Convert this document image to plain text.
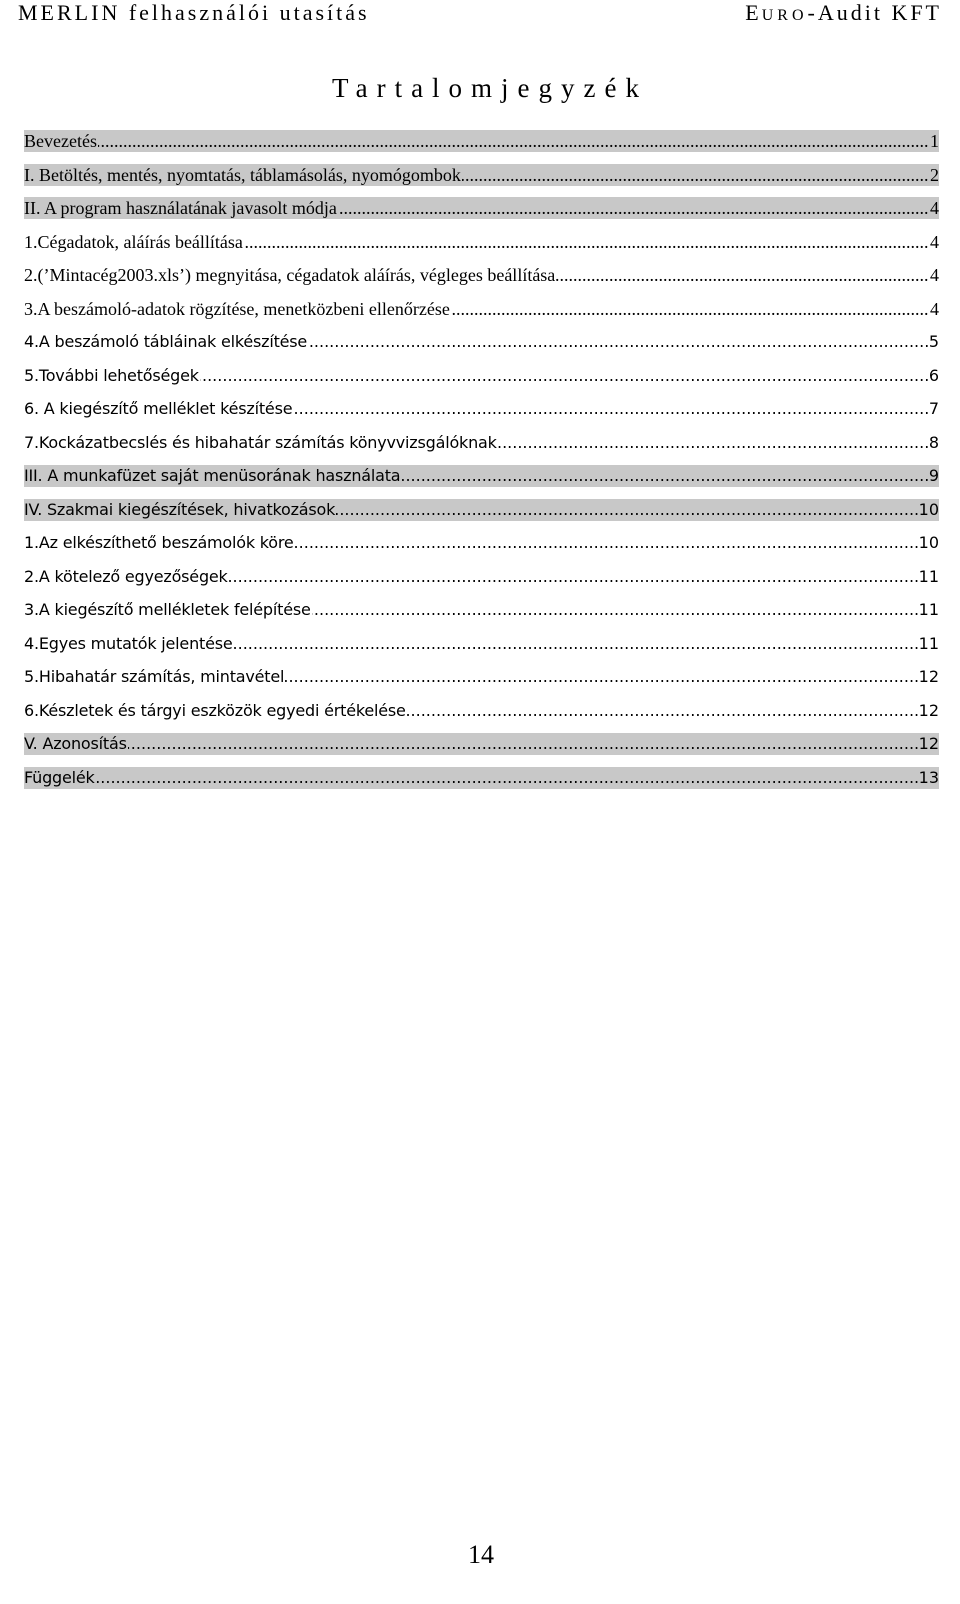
MERLIN felhasználói utasítás	EURO-Audit KFT
Tartalomjegyzék
.....
Bevezetés	1
.....
I. Betöltés, mentés, nyomtatás, táblamásolás, nyomógombok	2
.....
II. A program használatának javasolt módja	4
.....
1.Cégadatok, aláírás beállítása	4
.....
2.(’Mintacég2003.xls’) megnyitása, cégadatok aláírás, végleges beállítása	4
.....
3.A beszámoló-adatok rögzítése, menetközbeni ellenőrzése	4
.....
4.A beszámoló tábláinak elkészítése	5
.....
5.További lehetőségek	6
.....
6. A kiegészítő melléklet készítése	7
.....
7.Kockázatbecslés és hibahatár számítás könyvvizsgálóknak	8
.....
III. A munkafüzet saját menüsorának használata	9
.....
IV. Szakmai kiegészítések, hivatkozások	10
.....
1.Az elkészíthető beszámolók köre	10
.....
2.A kötelező egyezőségek	11
.....
3.A kiegészítő mellékletek felépítése	11
.....
4.Egyes mutatók jelentése	11
.....
5.Hibahatár számítás, mintavétel	12
.....
6.Készletek és tárgyi eszközök egyedi értékelése	12
.....
V. Azonosítás	12
.....
Függelék	13
14
